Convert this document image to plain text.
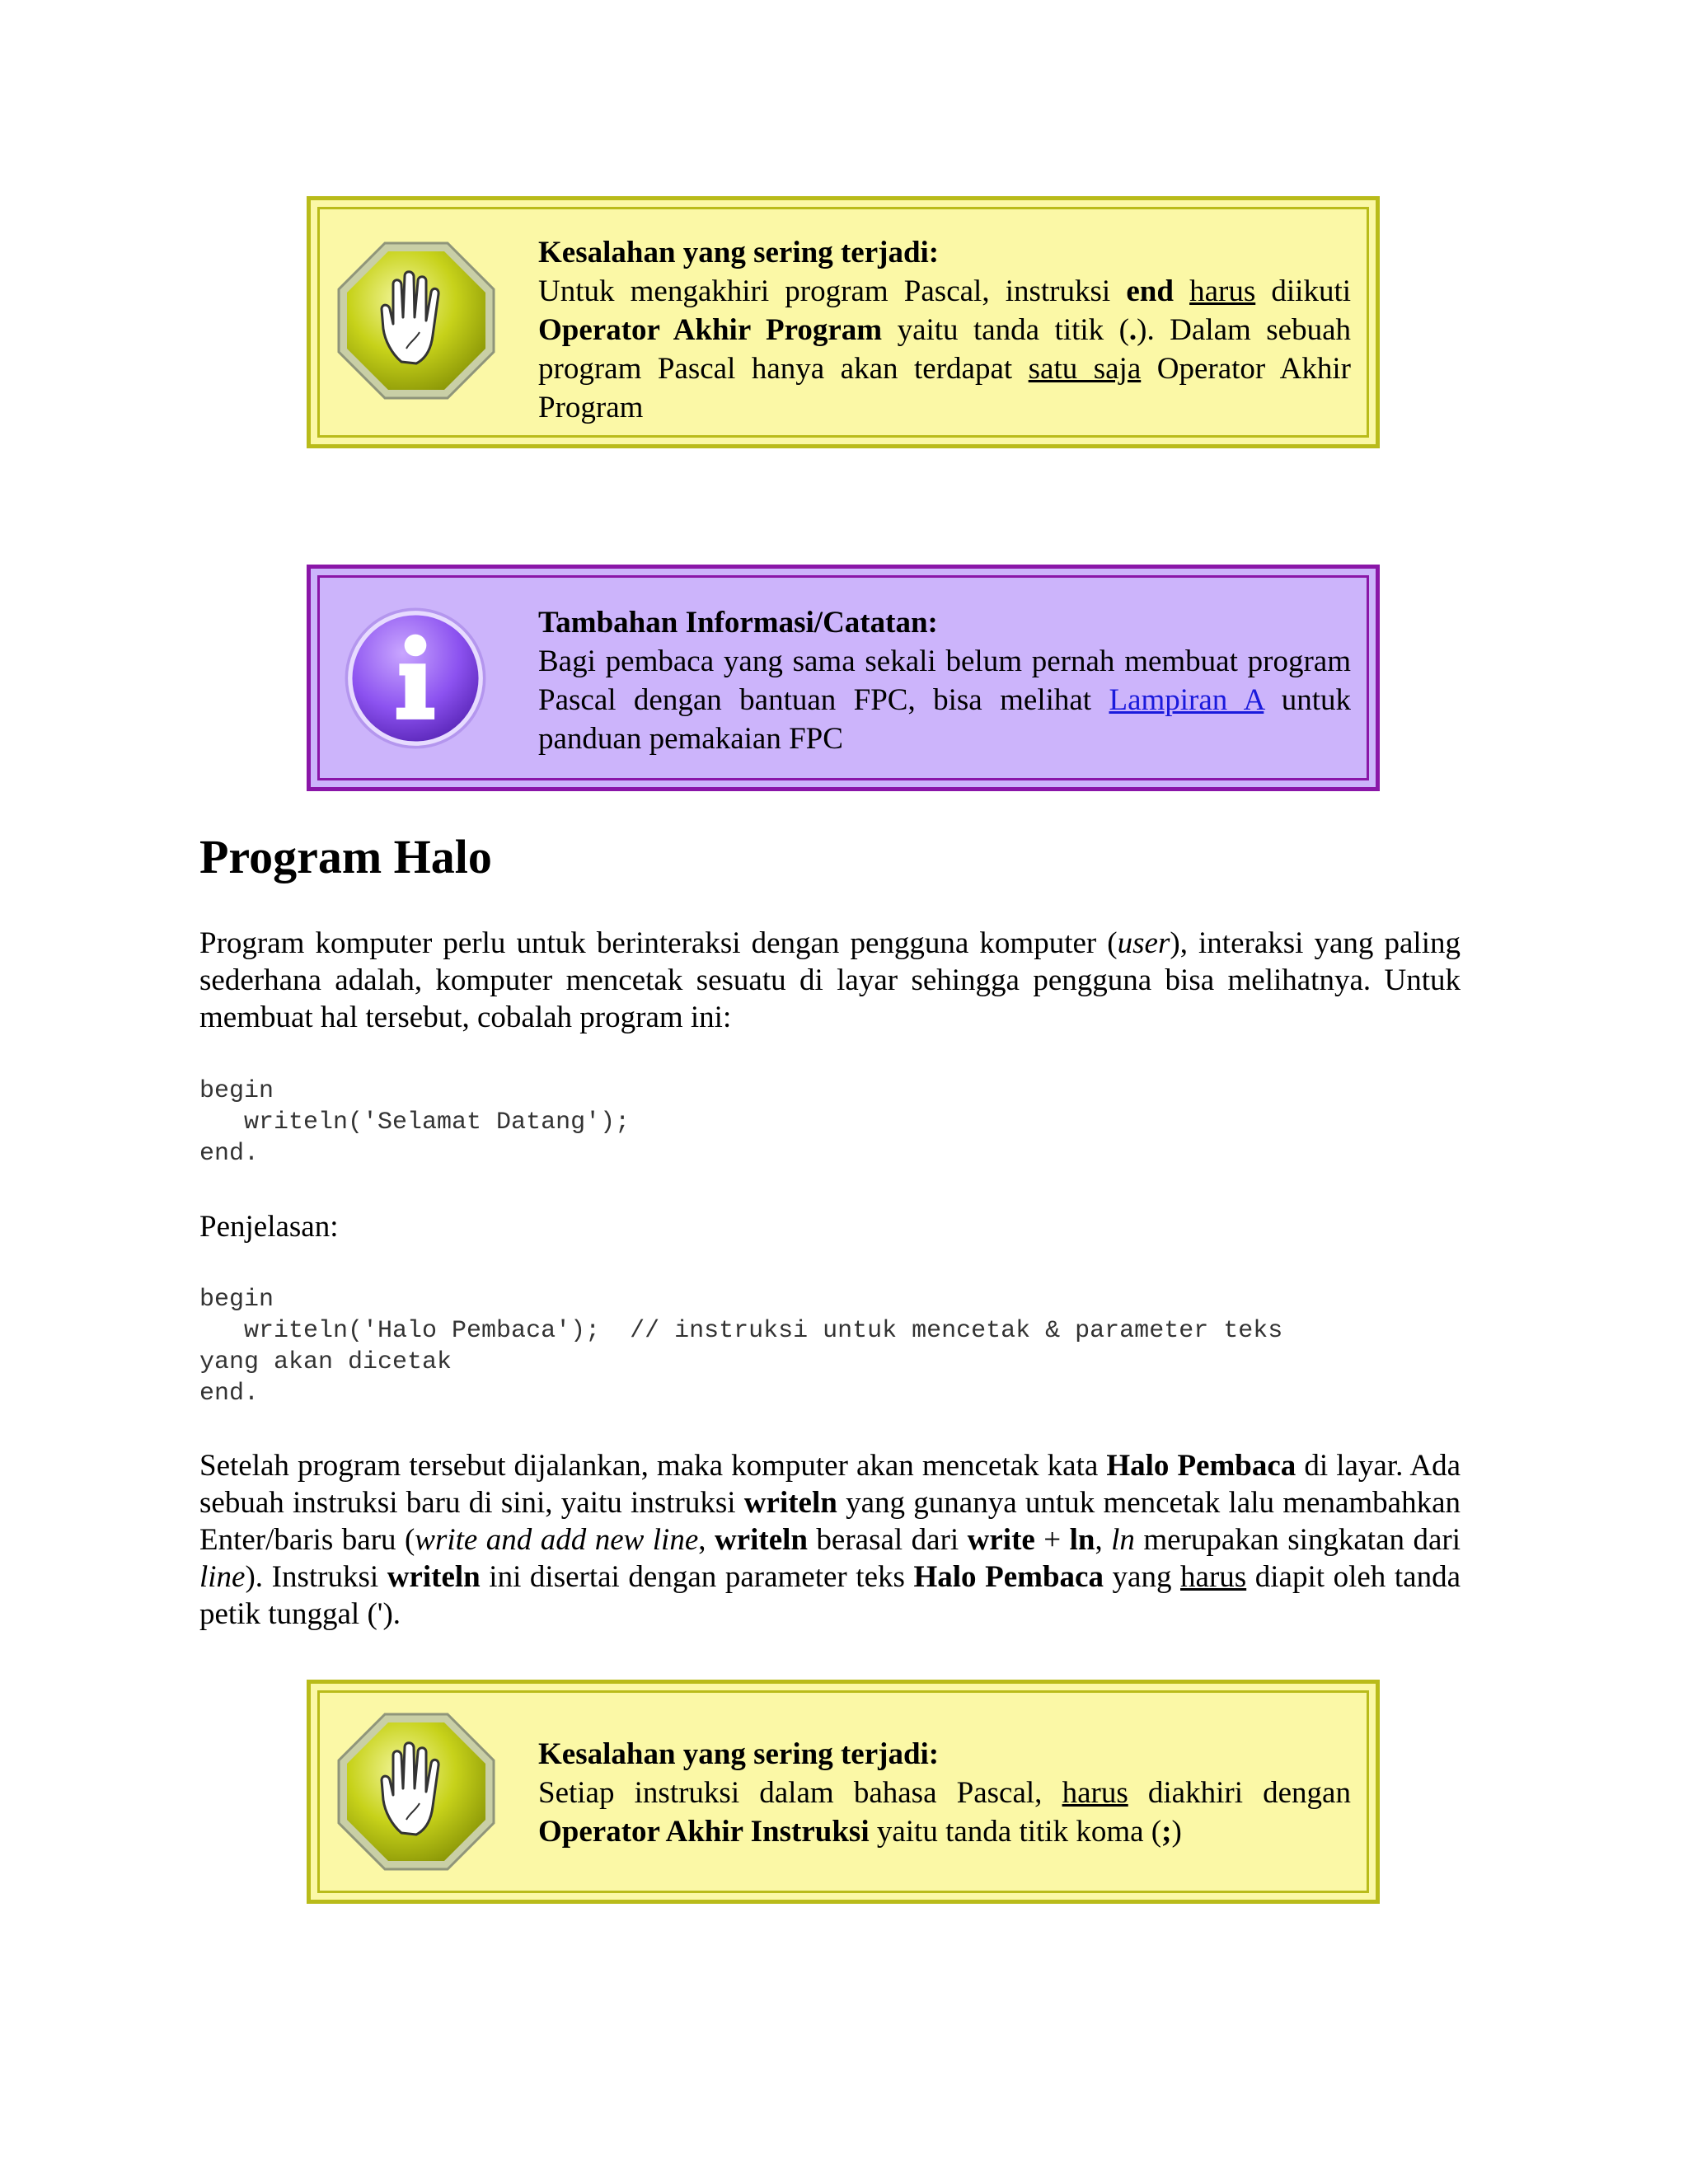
Kesalahan yang sering terjadi:
Untuk mengakhiri program Pascal, instruksi end harus diikuti Operator Akhir Program yaitu tanda titik (.). Dalam sebuah program Pascal hanya akan terdapat satu saja Operator Akhir Program
Tambahan Informasi/Catatan:
Bagi pembaca yang sama sekali belum pernah membuat program Pascal dengan bantuan FPC, bisa melihat Lampiran A untuk panduan pemakaian FPC
Program Halo

Program komputer perlu untuk berinteraksi dengan pengguna komputer (user), interaksi yang paling sederhana adalah, komputer mencetak sesuatu di layar sehingga pengguna bisa melihatnya. Untuk membuat hal tersebut, cobalah program ini:

begin
writeln('Selamat Datang');
end.

Penjelasan:

begin
writeln('Halo Pembaca');  // instruksi untuk mencetak & parameter teks
yang akan dicetak
end.

Setelah program tersebut dijalankan, maka komputer akan mencetak kata Halo Pembaca di layar. Ada sebuah instruksi baru di sini, yaitu instruksi writeln yang gunanya untuk mencetak lalu menambahkan Enter/baris baru (write and add new line, writeln berasal dari write + ln, ln merupakan singkatan dari line). Instruksi writeln ini disertai dengan parameter teks Halo Pembaca yang harus diapit oleh tanda petik tunggal (').

Kesalahan yang sering terjadi:
Setiap instruksi dalam bahasa Pascal, harus diakhiri dengan Operator Akhir Instruksi yaitu tanda titik koma (;)
